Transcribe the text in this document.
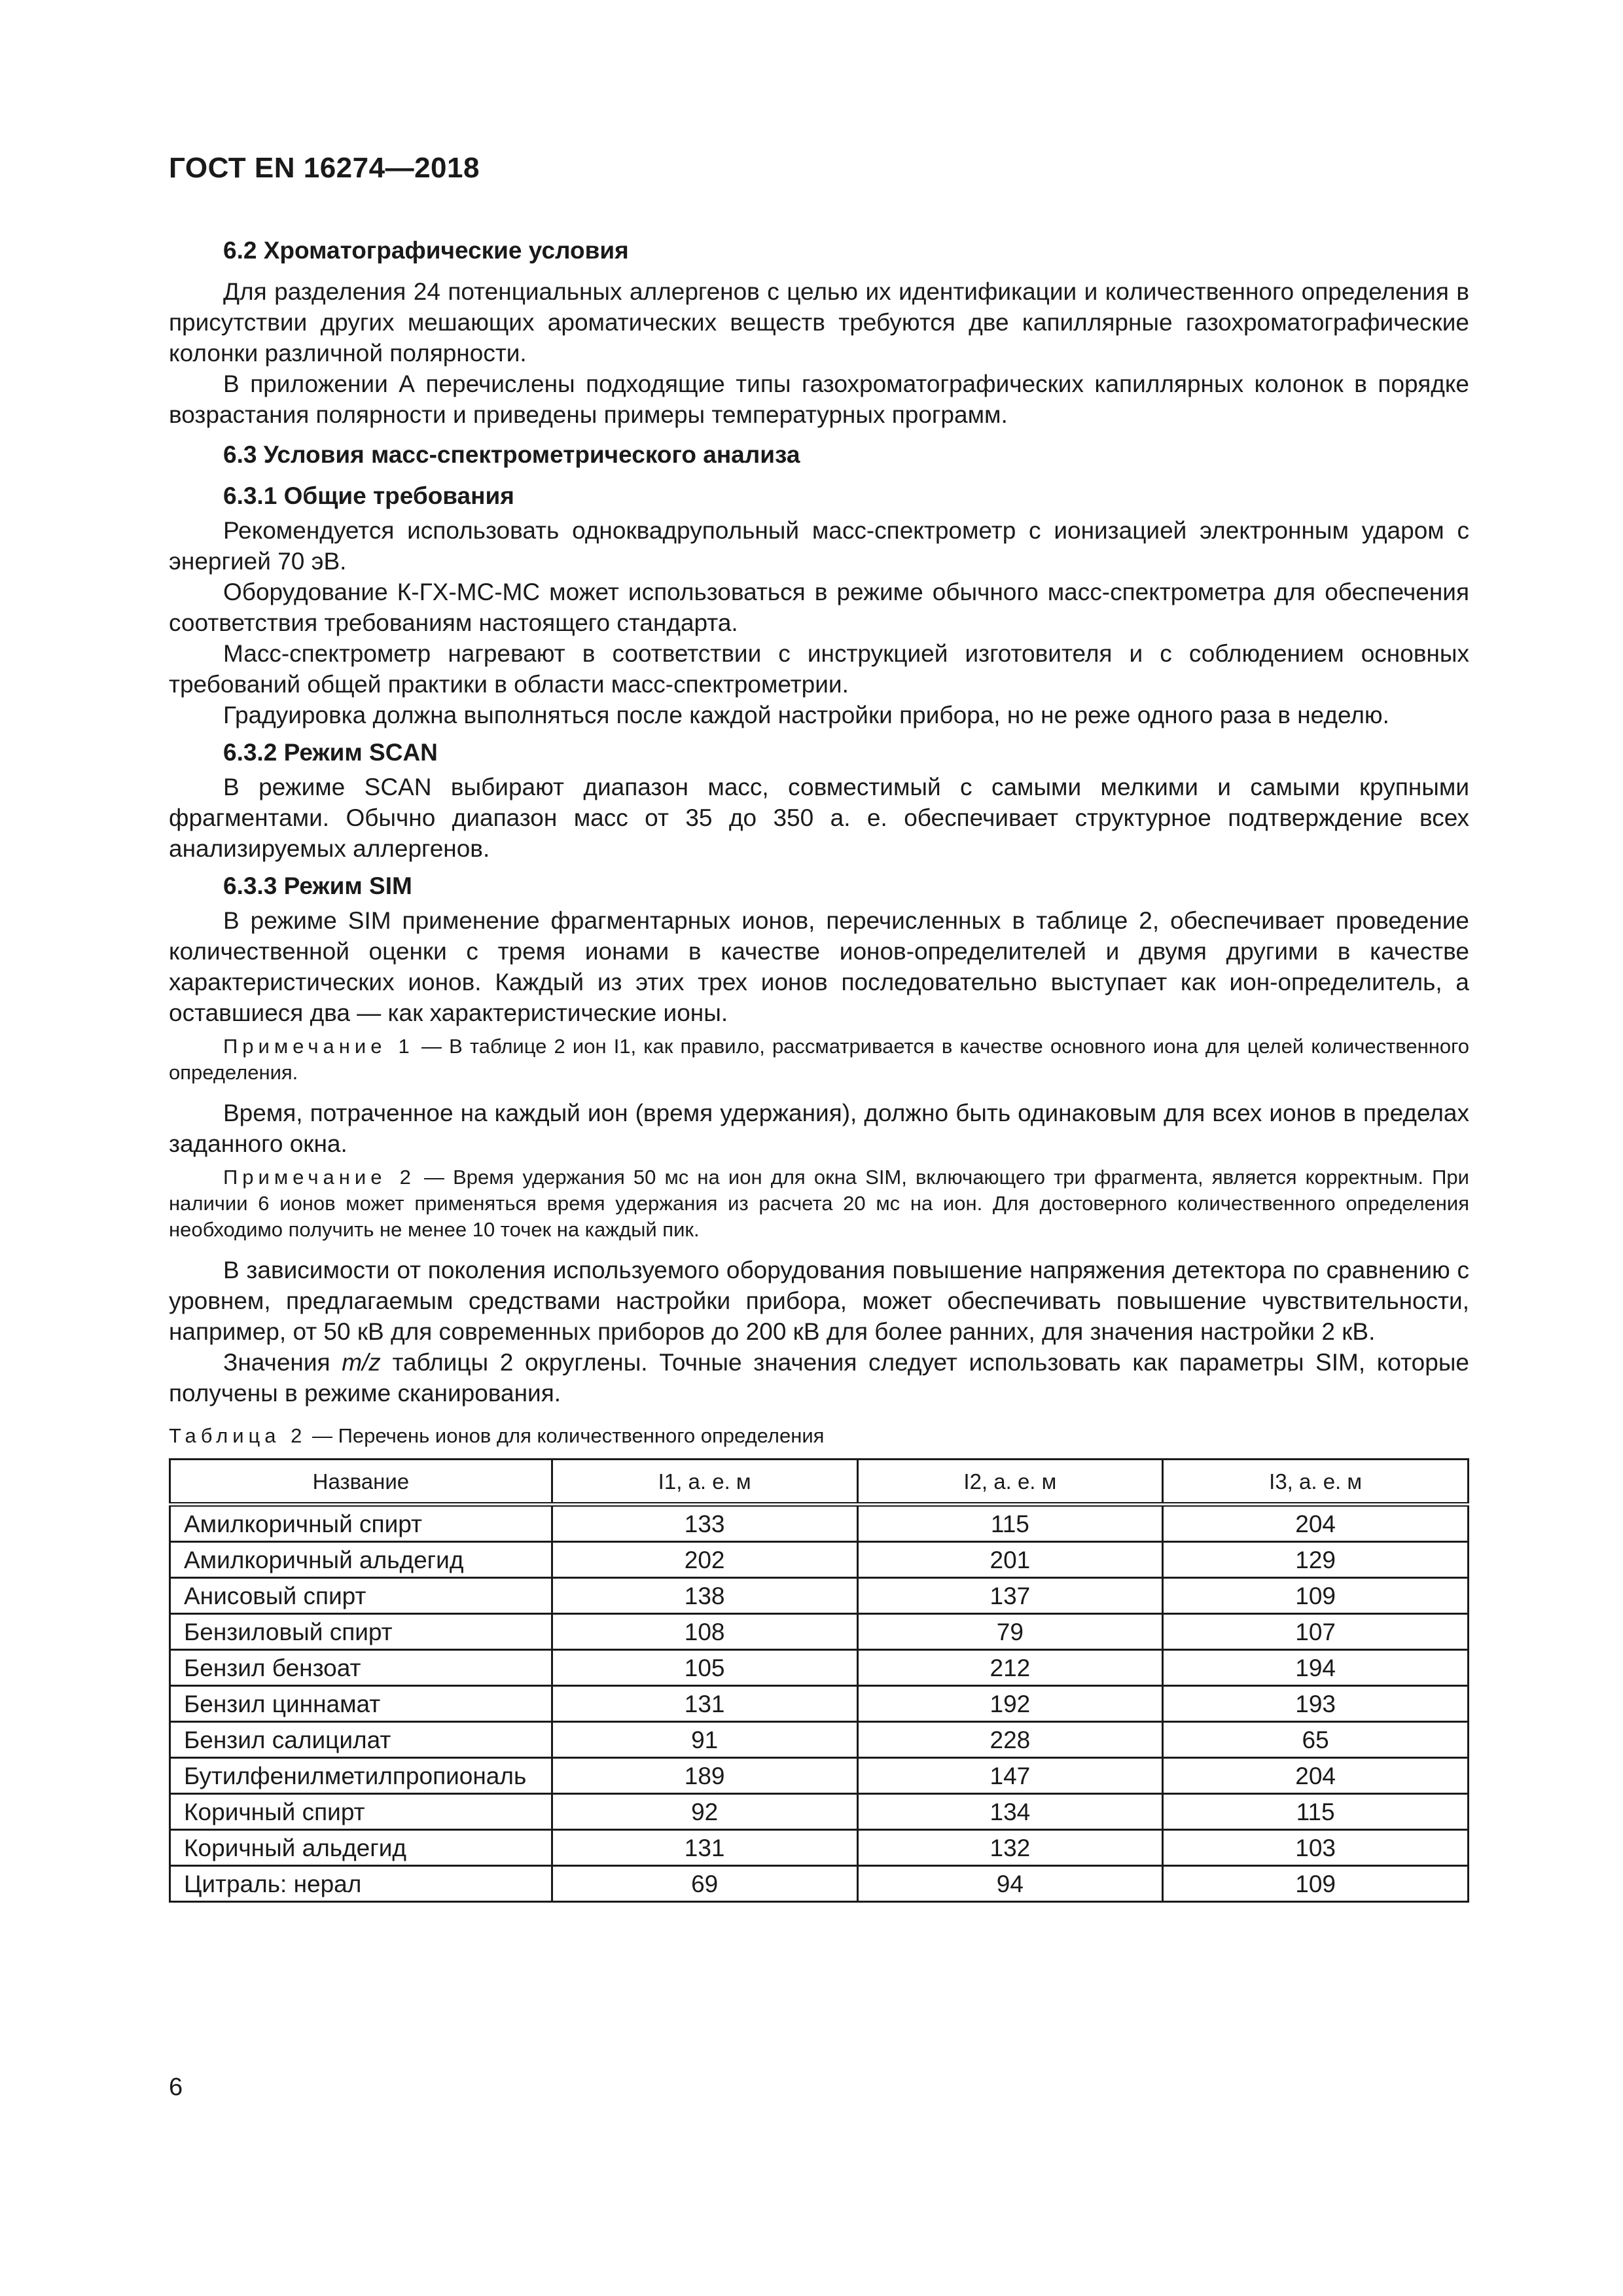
ГОСТ EN 16274—2018
6.2 Хроматографические условия

Для разделения 24 потенциальных аллергенов с целью их идентификации и количественного определения в присутствии других мешающих ароматических веществ требуются две капиллярные газохроматографические колонки различной полярности.

В приложении А перечислены подходящие типы газохроматографических капиллярных колонок в порядке возрастания полярности и приведены примеры температурных программ.

6.3 Условия масс-спектрометрического анализа
6.3.1 Общие требования

Рекомендуется использовать одноквадрупольный масс-спектрометр с ионизацией электронным ударом с энергией 70 эВ.

Оборудование К-ГХ-МС-МС может использоваться в режиме обычного масс-спектрометра для обеспечения соответствия требованиям настоящего стандарта.

Масс-спектрометр нагревают в соответствии с инструкцией изготовителя и с соблюдением основных требований общей практики в области масс-спектрометрии.

Градуировка должна выполняться после каждой настройки прибора, но не реже одного раза в неделю.

6.3.2 Режим SCAN

В режиме SCAN выбирают диапазон масс, совместимый с самыми мелкими и самыми крупными фрагментами. Обычно диапазон масс от 35 до 350 а. е. обеспечивает структурное подтверждение всех анализируемых аллергенов.

6.3.3 Режим SIM

В режиме SIM применение фрагментарных ионов, перечисленных в таблице 2, обеспечивает проведение количественной оценки с тремя ионами в качестве ионов-определителей и двумя другими в качестве характеристических ионов. Каждый из этих трех ионов последовательно выступает как ион-определитель, а оставшиеся два — как характеристические ионы.

Примечание 1 — В таблице 2 ион I1, как правило, рассматривается в качестве основного иона для целей количественного определения.

Время, потраченное на каждый ион (время удержания), должно быть одинаковым для всех ионов в пределах заданного окна.

Примечание 2 — Время удержания 50 мс на ион для окна SIM, включающего три фрагмента, является корректным. При наличии 6 ионов может применяться время удержания из расчета 20 мс на ион. Для достоверного количественного определения необходимо получить не менее 10 точек на каждый пик.

В зависимости от поколения используемого оборудования повышение напряжения детектора по сравнению с уровнем, предлагаемым средствами настройки прибора, может обеспечивать повышение чувствительности, например, от 50 кВ для современных приборов до 200 кВ для более ранних, для значения настройки 2 кВ.

Значения m/z таблицы 2 округлены. Точные значения следует использовать как параметры SIM, которые получены в режиме сканирования.

Таблица 2 — Перечень ионов для количественного определения

Название	I1, а. е. м	I2, а. е. м	I3, а. е. м
Амилкоричный спирт	133	115	204
Амилкоричный альдегид	202	201	129
Анисовый спирт	138	137	109
Бензиловый спирт	108	79	107
Бензил бензоат	105	212	194
Бензил циннамат	131	192	193
Бензил салицилат	91	228	65
Бутилфенилметилпропиональ	189	147	204
Коричный спирт	92	134	115
Коричный альдегид	131	132	103
Цитраль: нерал	69	94	109
6
